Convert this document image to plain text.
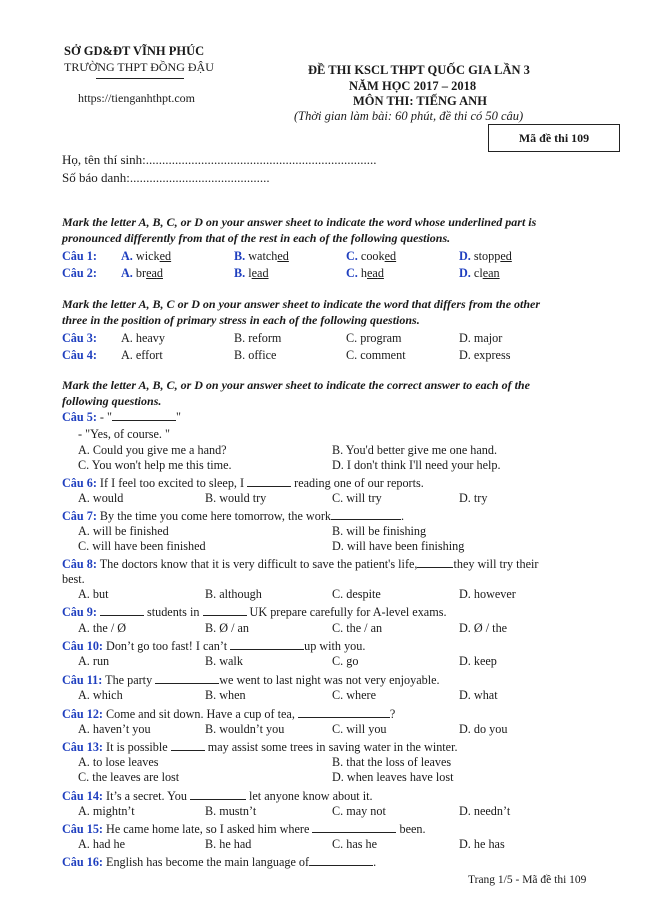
SỞ GD&ĐT VĨNH PHÚC
TRƯỜNG THPT ĐỒNG ĐẬU
https://tienganhthpt.com
ĐỀ THI KSCL THPT QUỐC GIA LẦN 3
NĂM HỌC 2017 – 2018
MÔN THI: TIẾNG ANH
(Thời gian làm bài: 60 phút, đề thi có 50 câu)
Mã đề thi 109
Họ, tên thí sinh:.......................................................................
Số báo danh:...........................................
Mark the letter A, B, C, or D on your answer sheet to indicate the word whose underlined part is
pronounced differently from that of the rest in each of the following questions.
Câu 1: A. wicked	B. watched	C. cooked	D. stopped
Câu 2: A. bread	B. lead	C. head	D. clean
Mark the letter A, B, C or D on your answer sheet to indicate the word that differs from the other
three in the position of primary stress in each of the following questions.
Câu 3: A. heavy	B. reform	C. program	D. major
Câu 4: A. effort	B. office	C. comment	D. express
Mark the letter A, B, C, or D on your answer sheet to indicate the correct answer to each of the
following questions.
Câu 5: - "	"
- "Yes, of course. "
A. Could you give me a hand?	B. You'd better give me one hand.
C. You won't help me this time.	D. I don't think I'll need your help.
Câu 6: If I feel too excited to sleep, I	reading one of our reports.
A. would	B. would try	C. will try	D. try
Câu 7: By the time you come here tomorrow, the work	.
A. will be finished	B. will be finishing
C. will have been finished	D. will have been finishing
Câu 8: The doctors know that it is very difficult to save the patient's life,	they will try their
best.
A. but	B. although	C. despite	D. however
Câu 9:	students in	UK prepare carefully for A-level exams.
A. the / Ø	B. Ø / an	C. the / an	D. Ø / the
Câu 10: Don’t go too fast! I can’t	up with you.
A. run	B. walk	C. go	D. keep
Câu 11: The party	we went to last night was not very enjoyable.
A. which	B. when	C. where	D. what
Câu 12: Come and sit down. Have a cup of tea,	?
A. haven’t you	B. wouldn’t you	C. will you	D. do you
Câu 13: It is possible	may assist some trees in saving water in the winter.
A. to lose leaves	B. that the loss of leaves
C. the leaves are lost	D. when leaves have lost
Câu 14: It’s a secret. You	let anyone know about it.
A. mightn’t	B. mustn’t	C. may not	D. needn’t
Câu 15: He came home late, so I asked him where	been.
A. had he	B. he had	C. has he	D. he has
Câu 16: English has become the main language of	.
Trang 1/5 - Mã đề thi 109
